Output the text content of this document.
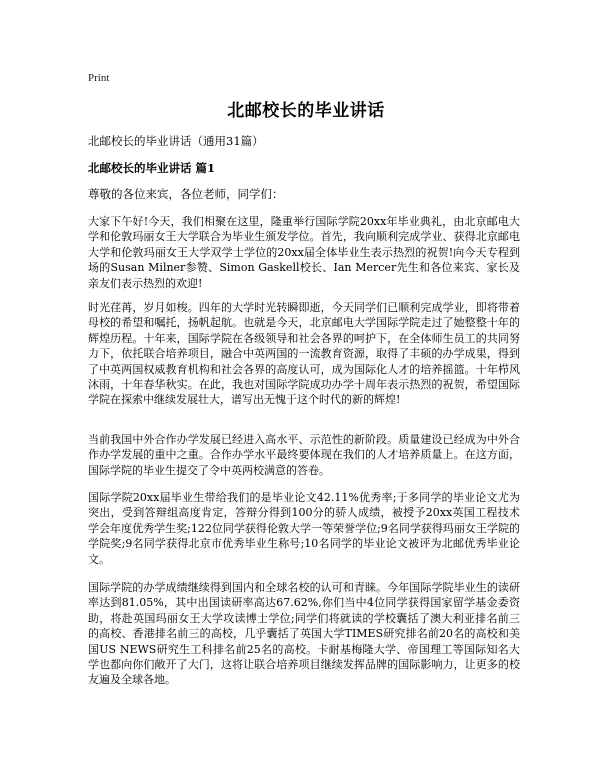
Print
北邮校长的毕业讲话
北邮校长的毕业讲话（通用31篇）
北邮校长的毕业讲话 篇1
尊敬的各位来宾，各位老师，同学们：

大家下午好!今天，我们相聚在这里，隆重举行国际学院20xx年毕业典礼，由北京邮电大学和伦敦玛丽女王大学联合为毕业生颁发学位。首先，我向顺利完成学业、获得北京邮电大学和伦敦玛丽女王大学双学士学位的20xx届全体毕业生表示热烈的祝贺!向今天专程到场的Susan Milner参赞、Simon Gaskell校长、Ian Mercer先生和各位来宾、家长及亲友们表示热烈的欢迎!

时光荏苒，岁月如梭。四年的大学时光转瞬即逝，今天同学们已顺利完成学业，即将带着母校的希望和嘱托，扬帆起航。也就是今天，北京邮电大学国际学院走过了她整整十年的辉煌历程。十年来，国际学院在各级领导和社会各界的呵护下，在全体师生员工的共同努力下，依托联合培养项目，融合中英两国的一流教育资源，取得了丰硕的办学成果，得到了中英两国权威教育机构和社会各界的高度认可，成为国际化人才的培养摇篮。十年栉风沐雨，十年春华秋实。在此，我也对国际学院成功办学十周年表示热烈的祝贺，希望国际学院在探索中继续发展壮大，谱写出无愧于这个时代的新的辉煌!

当前我国中外合作办学发展已经进入高水平、示范性的新阶段。质量建设已经成为中外合作办学发展的重中之重。合作办学水平最终要体现在我们的人才培养质量上。在这方面，国际学院的毕业生提交了令中英两校满意的答卷。

国际学院20xx届毕业生带给我们的是毕业论文42.11%优秀率;于多同学的毕业论文尤为突出，受到答辩组高度肯定，答辩分得到100分的骄人成绩，被授予20xx英国工程技术学会年度优秀学生奖;122位同学获得伦敦大学一等荣誉学位;9名同学获得玛丽女王学院的学院奖;9名同学获得北京市优秀毕业生称号;10名同学的毕业论文被评为北邮优秀毕业论文。

国际学院的办学成绩继续得到国内和全球名校的认可和青睐。今年国际学院毕业生的读研率达到81.05%，其中出国读研率高达67.62%,你们当中4位同学获得国家留学基金委资助，将赴英国玛丽女王大学攻读博士学位;同学们将就读的学校囊括了澳大利亚排名前三的高校、香港排名前三的高校，几乎囊括了英国大学TIMES研究排名前20名的高校和美国US NEWS研究生工科排名前25名的高校。卡耐基梅隆大学、帝国理工等国际知名大学也都向你们敞开了大门，这将让联合培养项目继续发挥品牌的国际影响力，让更多的校友遍及全球各地。
